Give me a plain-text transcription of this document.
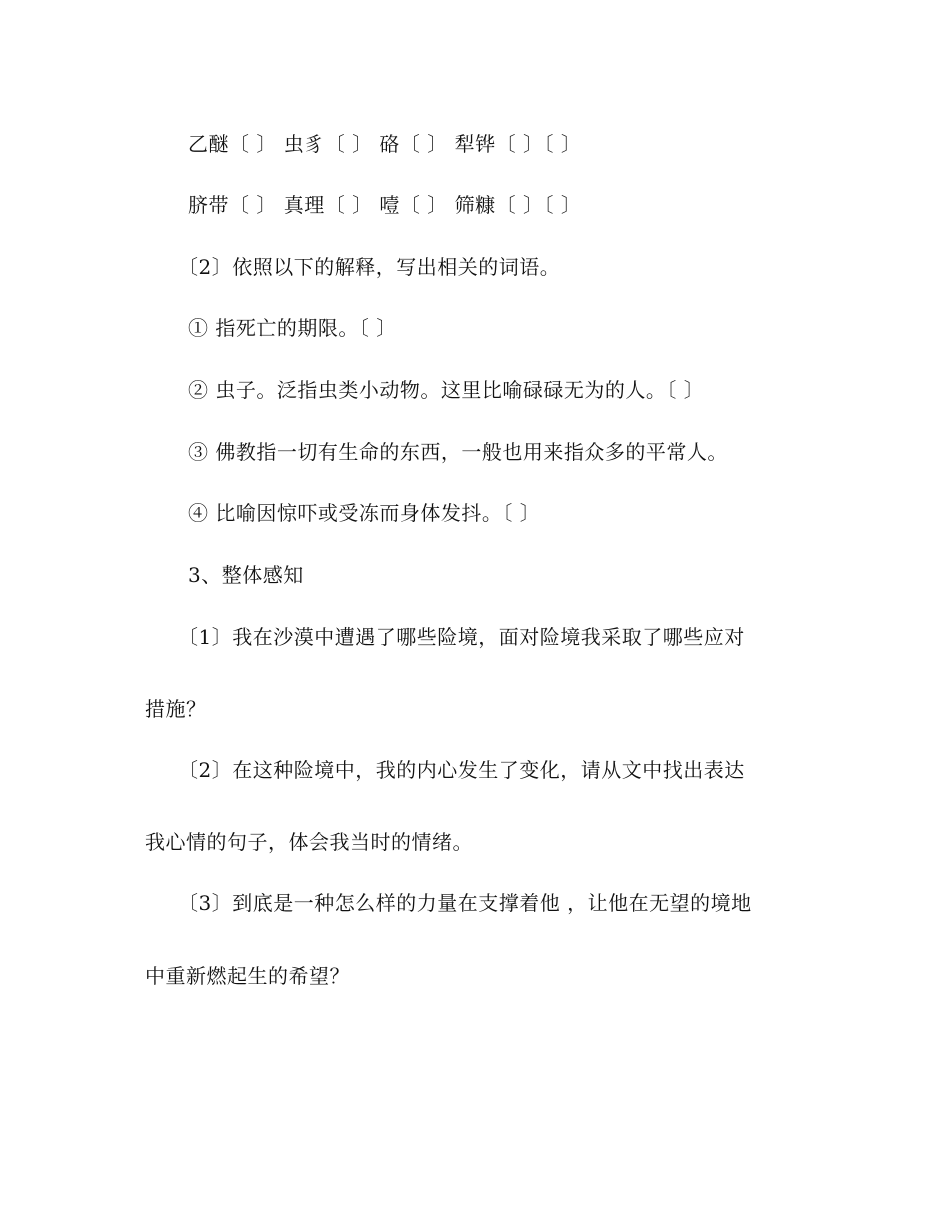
乙醚〔 〕 虫豸〔 〕 硌〔 〕 犁铧〔 〕〔 〕
脐带〔 〕 真理〔 〕 噎〔 〕 筛糠〔 〕〔 〕
〔2〕依照以下的解释，写出相关的词语。
① 指死亡的期限。〔 〕
② 虫子。泛指虫类小动物。这里比喻碌碌无为的人。〔 〕
③ 佛教指一切有生命的东西，一般也用来指众多的平常人。
④ 比喻因惊吓或受冻而身体发抖。〔 〕
3、整体感知
〔1〕我在沙漠中遭遇了哪些险境，面对险境我采取了哪些应对
措施？
〔2〕在这种险境中，我的内心发生了变化，请从文中找出表达
我心情的句子，体会我当时的情绪。
〔3〕到底是一种怎么样的力量在支撑着他 ，让他在无望的境地
中重新燃起生的希望？
